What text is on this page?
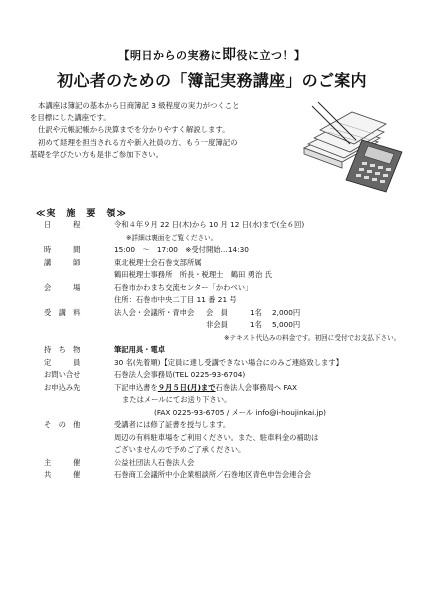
【明日からの実務に即役に立つ！】
初心者のための「簿記実務講座」のご案内

本講座は簿記の基本から日商簿記 3 級程度の実力がつくこと

を目標にした講座です。

仕訳や元帳記帳から決算までを分かりやすく解説します。

初めて経理を担当される方や新入社員の方、もう一度簿記の

基礎を学びたい方も是非ご参加下さい。

≪実　施　要　領≫
日　　　程	令和４年９月 22 日(木)から 10 月 12 日(水)まで(全６回)
	※詳細は裏面をご覧ください。
時　　　間	15:00　～　17:00　※受付開始…14:30
講　　　師	東北税理士会石巻支部所属
	鶴田税理士事務所　所長・税理士　鶴田 勇治 氏
会　　　場	石巻市かわまち交流センター「かわべい」
	住所：石巻市中央二丁目 11 番 21 号
受　講　料	法人会・会議所・青申会 会　員 1名 2,000円
	非会員 1名 5,000円
	※テキスト代込みの料金です。初回に受付でお支払下さい。
持　ち　物	筆記用具・電卓
定　　　員	30 名(先着順)【定員に達し受講できない場合にのみご連絡致します】
お問い合せ	石巻法人会事務局(TEL 0225-93-6704)
お申込み先	下記申込書を９月５日(月)まで石巻法人会事務局へ FAX
	またはメールにてお送り下さい。
	(FAX 0225-93-6705 / メール info@i-houjinkai.jp)
そ　の　他	受講者には修了証書を授与します。
	周辺の有料駐車場をご利用ください。また、駐車料金の補助は
	ございませんので予めご了承ください。
主　　　催	公益社団法人石巻法人会
共　　　催	石巻商工会議所中小企業相談所／石巻地区青色申告会連合会
